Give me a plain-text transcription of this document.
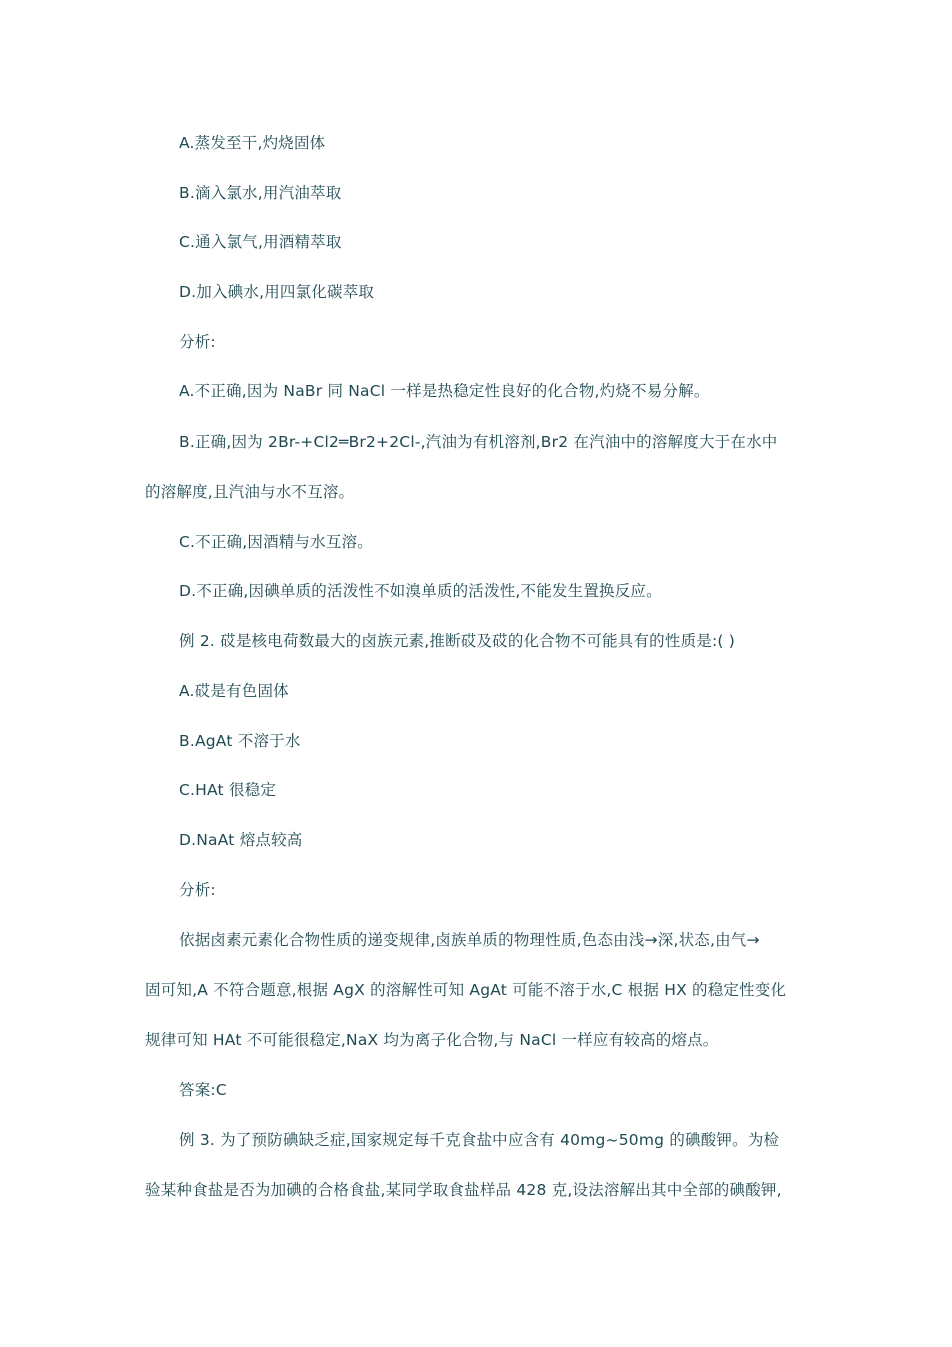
A.蒸发至干,灼烧固体
B.滴入氯水,用汽油萃取
C.通入氯气,用酒精萃取
D.加入碘水,用四氯化碳萃取
分析:
A.不正确,因为 NaBr 同 NaCl 一样是热稳定性良好的化合物,灼烧不易分解。
B.正确,因为 2Br-+Cl2═Br2+2Cl-,汽油为有机溶剂,Br2 在汽油中的溶解度大于在水中
的溶解度,且汽油与水不互溶。
C.不正确,因酒精与水互溶。
D.不正确,因碘单质的活泼性不如溴单质的活泼性,不能发生置换反应。
例 2. 砹是核电荷数最大的卤族元素,推断砹及砹的化合物不可能具有的性质是:( )
A.砹是有色固体
B.AgAt 不溶于水
C.HAt 很稳定
D.NaAt 熔点较高
分析:
依据卤素元素化合物性质的递变规律,卤族单质的物理性质,色态由浅→深,状态,由气→
固可知,A 不符合题意,根据 AgX 的溶解性可知 AgAt 可能不溶于水,C 根据 HX 的稳定性变化
规律可知 HAt 不可能很稳定,NaX 均为离子化合物,与 NaCl 一样应有较高的熔点。
答案:C
例 3. 为了预防碘缺乏症,国家规定每千克食盐中应含有 40mg~50mg 的碘酸钾。为检
验某种食盐是否为加碘的合格食盐,某同学取食盐样品 428 克,设法溶解出其中全部的碘酸钾,
